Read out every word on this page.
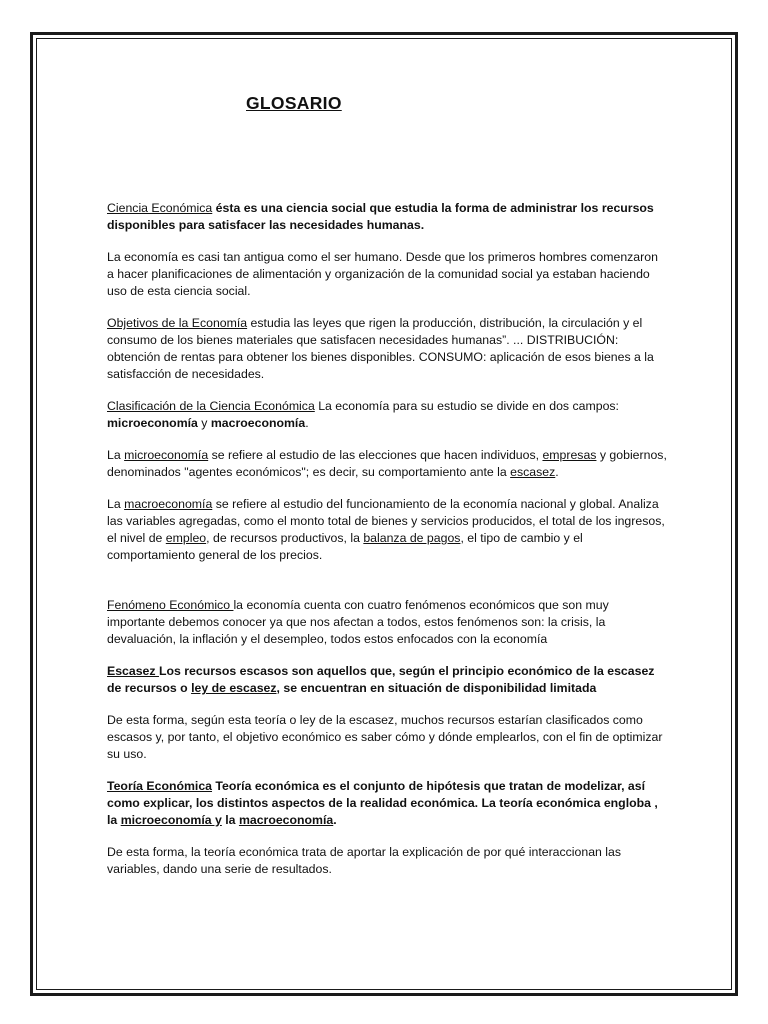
GLOSARIO

Ciencia Económica ésta es una ciencia social que estudia la forma de administrar los recursos disponibles para satisfacer las necesidades humanas.

La economía es casi tan antigua como el ser humano. Desde que los primeros hombres comenzaron a hacer planificaciones de alimentación y organización de la comunidad social ya estaban haciendo uso de esta ciencia social.

Objetivos de la Economía estudia las leyes que rigen la producción, distribución, la circulación y el consumo de los bienes materiales que satisfacen necesidades humanas”. ... DISTRIBUCIÓN: obtención de rentas para obtener los bienes disponibles. CONSUMO: aplicación de esos bienes a la satisfacción de necesidades.

Clasificación de la Ciencia Económica La economía para su estudio se divide en dos campos: microeconomía y macroeconomía.

La microeconomía se refiere al estudio de las elecciones que hacen individuos, empresas y gobiernos, denominados "agentes económicos"; es decir, su comportamiento ante la escasez.

La macroeconomía se refiere al estudio del funcionamiento de la economía nacional y global. Analiza las variables agregadas, como el monto total de bienes y servicios producidos, el total de los ingresos, el nivel de empleo, de recursos productivos, la balanza de pagos, el tipo de cambio y el comportamiento general de los precios.

Fenómeno Económico la economía cuenta con cuatro fenómenos económicos que son muy importante debemos conocer ya que nos afectan a todos, estos fenómenos son: la crisis, la devaluación, la inflación y el desempleo, todos estos enfocados con la economía

Escasez Los recursos escasos son aquellos que, según el principio económico de la escasez de recursos o ley de escasez, se encuentran en situación de disponibilidad limitada

De esta forma, según esta teoría o ley de la escasez, muchos recursos estarían clasificados como escasos y, por tanto, el objetivo económico es saber cómo y dónde emplearlos, con el fin de optimizar su uso.

Teoría Económica Teoría económica es el conjunto de hipótesis que tratan de modelizar, así como explicar, los distintos aspectos de la realidad económica. La teoría económica engloba , la microeconomía y la macroeconomía.

De esta forma, la teoría económica trata de aportar la explicación de por qué interaccionan las variables, dando una serie de resultados.
